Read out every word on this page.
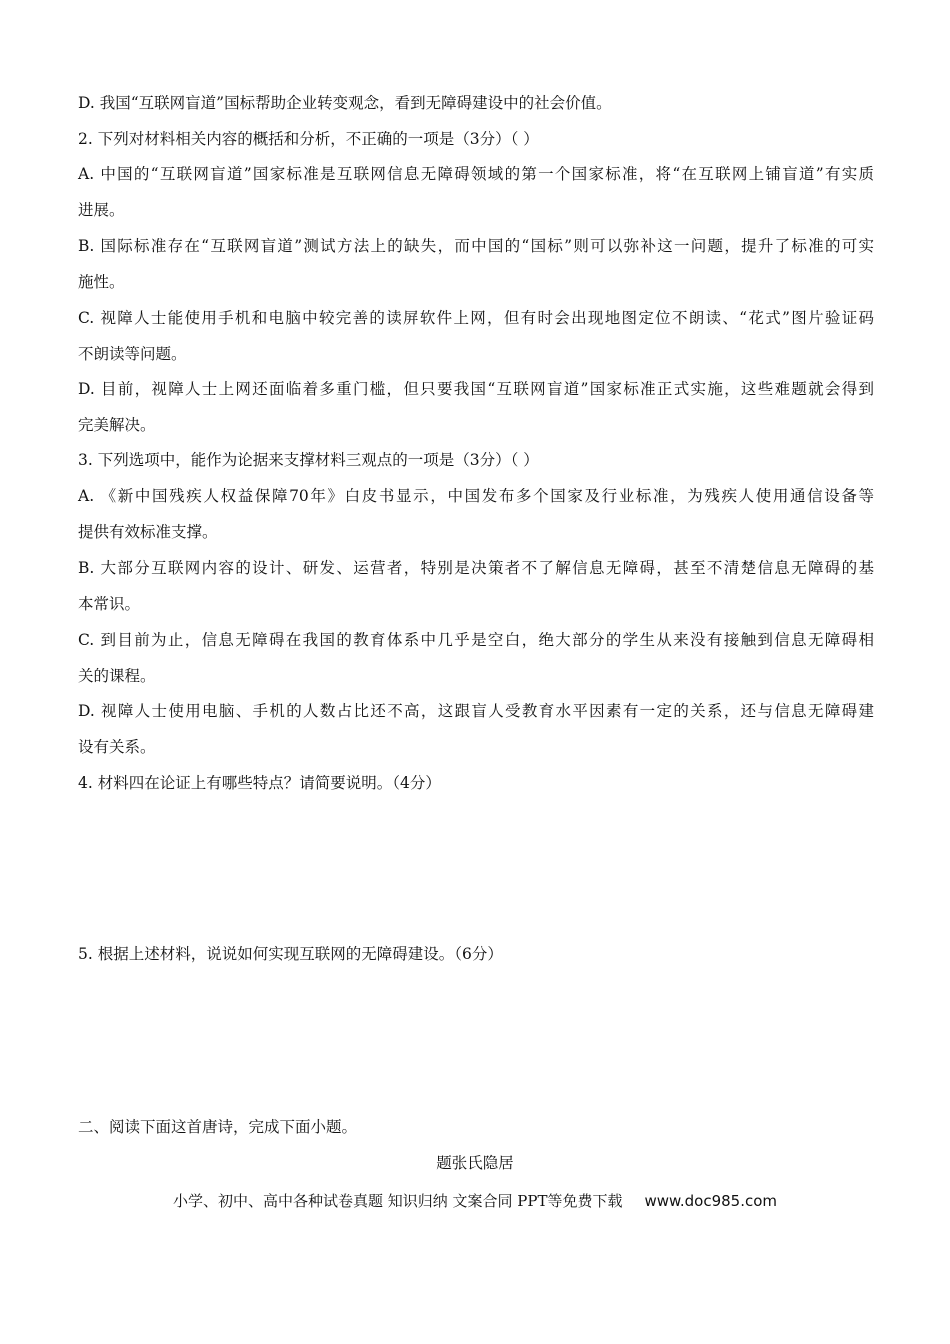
D. 我国“互联网盲道”国标帮助企业转变观念，看到无障碍建设中的社会价值。
2. 下列对材料相关内容的概括和分析，不正确的一项是（3分）（ ）
A. 中国的“互联网盲道”国家标准是互联网信息无障碍领域的第一个国家标准，将“在互联网上铺盲道”有实质
进展。
B. 国际标准存在“互联网盲道”测试方法上的缺失，而中国的“国标”则可以弥补这一问题，提升了标准的可实
施性。
C. 视障人士能使用手机和电脑中较完善的读屏软件上网，但有时会出现地图定位不朗读、“花式”图片验证码
不朗读等问题。
D. 目前，视障人士上网还面临着多重门槛，但只要我国“互联网盲道”国家标准正式实施，这些难题就会得到
完美解决。
3. 下列选项中，能作为论据来支撑材料三观点的一项是（3分）（ ）
A. 《新中国残疾人权益保障70年》白皮书显示，中国发布多个国家及行业标准，为残疾人使用通信设备等
提供有效标准支撑。
B. 大部分互联网内容的设计、研发、运营者，特别是决策者不了解信息无障碍，甚至不清楚信息无障碍的基
本常识。
C. 到目前为止，信息无障碍在我国的教育体系中几乎是空白，绝大部分的学生从来没有接触到信息无障碍相
关的课程。
D. 视障人士使用电脑、手机的人数占比还不高，这跟盲人受教育水平因素有一定的关系，还与信息无障碍建
设有关系。
4. 材料四在论证上有哪些特点？请简要说明。（4分）
5. 根据上述材料，说说如何实现互联网的无障碍建设。（6分）
二、阅读下面这首唐诗，完成下面小题。
题张氏隐居
小学、初中、高中各种试卷真题 知识归纳 文案合同 PPT等免费下载 www.doc985.com
